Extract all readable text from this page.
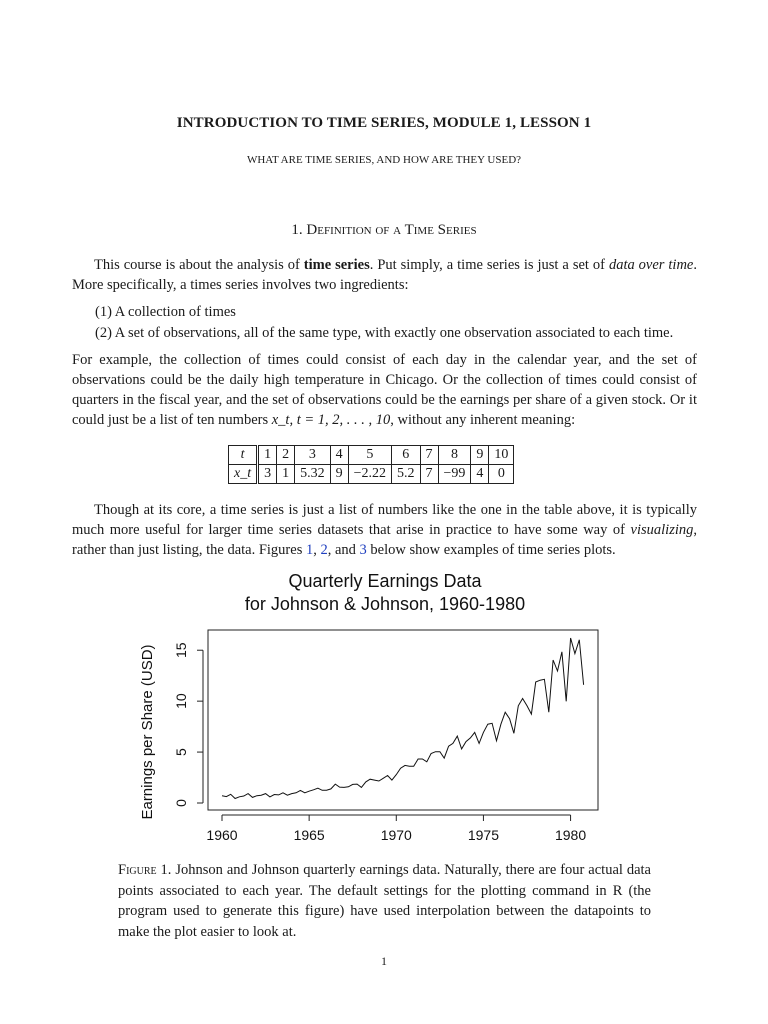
INTRODUCTION TO TIME SERIES, MODULE 1, LESSON 1
WHAT ARE TIME SERIES, AND HOW ARE THEY USED?
1. Definition of a Time Series

This course is about the analysis of time series. Put simply, a time series is just a set of data over time. More specifically, a times series involves two ingredients:

(1) A collection of times
(2) A set of observations, all of the same type, with exactly one observation associated to each time.

For example, the collection of times could consist of each day in the calendar year, and the set of observations could be the daily high temperature in Chicago. Or the collection of times could consist of quarters in the fiscal year, and the set of observations could be the earnings per share of a given stock. Or it could just be a list of ten numbers x_t, t = 1, 2, . . . , 10, without any inherent meaning:

t	1	2	3	4	5	6	7	8	9	10
x_t	3	1	5.32	9	−2.22	5.2	7	−99	4	0

Though at its core, a time series is just a list of numbers like the one in the table above, it is typically much more useful for larger time series datasets that arise in practice to have some way of visualizing, rather than just listing, the data. Figures 1, 2, and 3 below show examples of time series plots.

Quarterly Earnings Data
for Johnson & Johnson, 1960-1980
Earnings per Share (USD)
1960	1965	1970	1975	1980
0
5
10
15
Figure 1. Johnson and Johnson quarterly earnings data. Naturally, there are four actual data points associated to each year. The default settings for the plotting command in R (the program used to generate this figure) have used interpolation between the datapoints to make the plot easier to look at.
1
